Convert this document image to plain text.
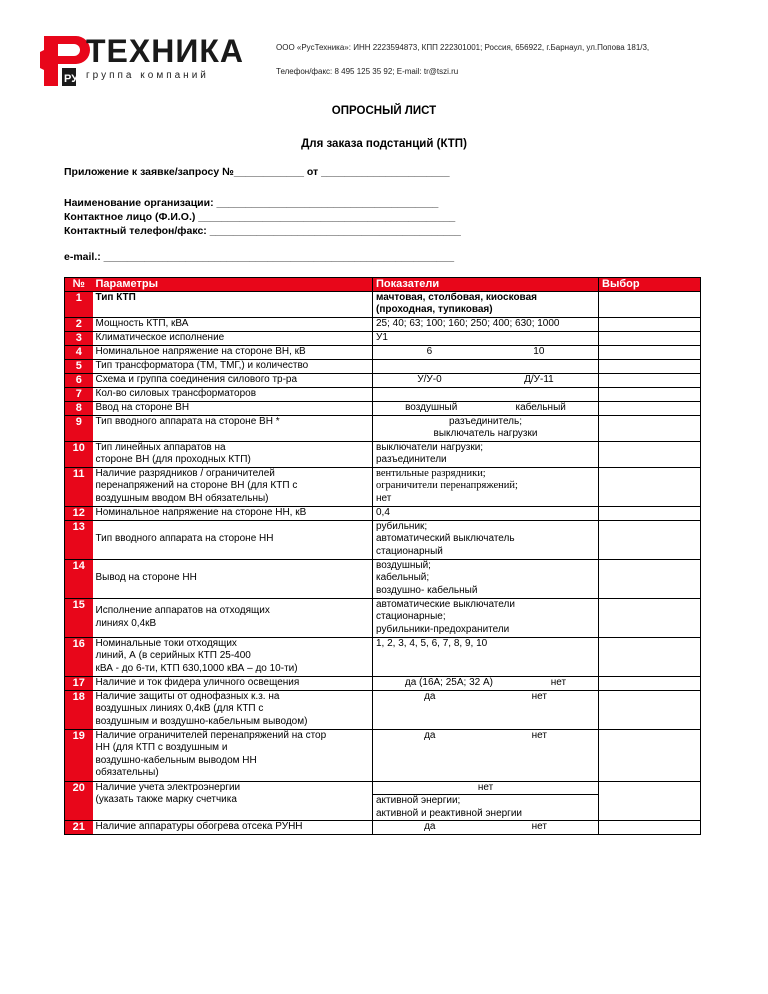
РУС
ТЕХНИКА
группа компаний
ООО «РусТехника»: ИНН 2223594873, КПП 222301001; Россия, 656922, г.Барнаул, ул.Попова 181/3,
Телефон/факс: 8 495 125 35 92; E-mail: tr@tszi.ru
ОПРОСНЫЙ ЛИСТ
Для заказа подстанций (КТП)
Приложение к заявке/запросу №____________ от ______________________
Наименование организации: ______________________________________
Контактное лицо (Ф.И.О.) ____________________________________________
Контактный телефон/факс: ___________________________________________
e-mail.: ____________________________________________________________
№	Параметры	Показатели	Выбор
1	Тип КТП	мачтовая, столбовая, киосковая
(проходная, тупиковая)	

2	Мощность КТП, кВА	25; 40; 63; 100; 160; 250; 400; 630; 1000	

3	Климатическое исполнение	У1	

4	Номинальное напряжение на стороне ВН, кВ	6 10	

5	Тип трансформатора (ТМ, ТМГ,) и количество		

6	Схема и группа соединения силового тр-ра	У/У-0 Д/У-11	

7	Кол-во силовых трансформаторов		

8	Ввод на стороне ВН	воздушный кабельный	

9	Тип вводного аппарата на стороне ВН *	разъединитель;
выключатель нагрузки	

10	Тип линейных аппаратов на
стороне ВН (для проходных КТП)	выключатели нагрузки;
разъединители	

11	Наличие разрядников / ограничителей
перенапряжений на стороне ВН (для КТП с
воздушным вводом ВН обязательны)	вентильные разрядники;
ограничители перенапряжений;
нет	

12	Номинальное напряжение на стороне НН, кВ	0,4	

13	Тип вводного аппарата на стороне НН	рубильник;
автоматический выключатель
стационарный	

14	Вывод на стороне НН	воздушный;
кабельный;
воздушно- кабельный	

15	Исполнение аппаратов на отходящих
линиях 0,4кВ	автоматические выключатели
стационарные;
рубильники-предохранители	

16	Номинальные токи отходящих
линий, А (в серийных КТП 25-400
кВА - до 6-ти, КТП 630,1000 кВА – до 10-ти)	1, 2, 3, 4, 5, 6, 7, 8, 9, 10	

17	Наличие и ток фидера уличного освещения	да (16А; 25А; 32 А) нет	

18	Наличие защиты от однофазных к.з. на
воздушных линиях 0,4кВ (для КТП с
воздушным и воздушно-кабельным выводом)	да нет	

19	Наличие ограничителей перенапряжений на стор
НН (для КТП с воздушным и
воздушно-кабельным выводом НН
обязательны)	да нет	

20	Наличие учета электроэнергии
(указать также марку счетчика	нет
активной энергии;
активной и реактивной энергии	

21	Наличие аппаратуры обогрева отсека РУНН	да нет	
